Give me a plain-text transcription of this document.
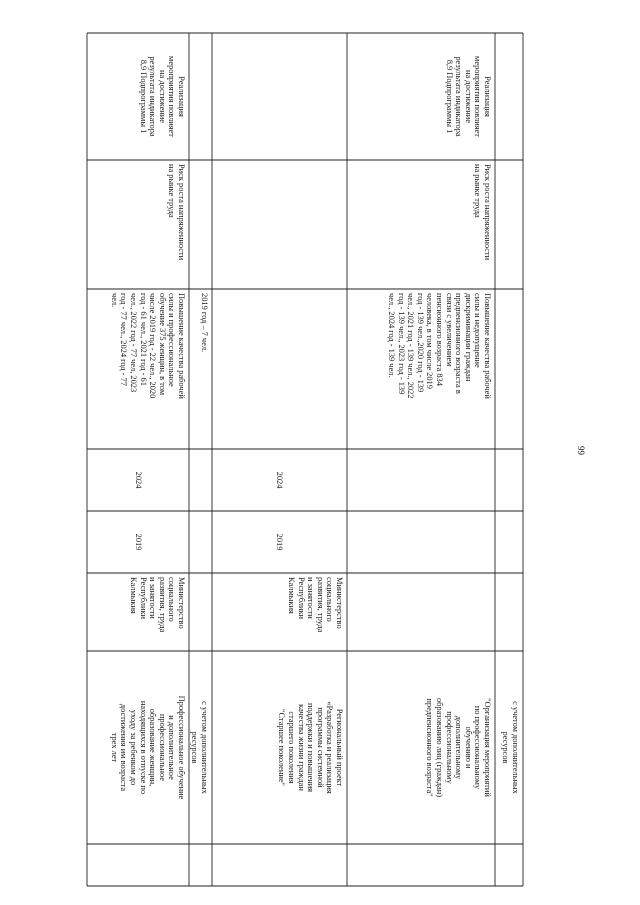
Реализация
мероприятия повлияет
на достижение
результата индикатора
8,9 Подпрограммы 1
Риск роста напряженности
на рынке труда
Повышение качества рабочей
силы и профессиональное
обучение 375 женщин, в том
числе 2019 год - 22 чел., 2020
год - 61 чел., 2021 год - 61
чел., 2022 год - 77 чел, 2023
год - 77 чел., 2024 год - 77
чел.
2024
2019
Министерство
социального
развития, труда
и занятости
Республики
Калмыкия
Профессиональное обучение
и дополнительное
профессиональное
образование женщин,
находящихся в отпуске по
уходу за ребенком до
достижения им возраста
трех лет
2019 год – 7 чел.
с учетом дополнительных
ресурсов
2024
2019
Министерство
социального
развития, труда
и занятости
Республики
Калмыкия
Региональный проект
«Разработка и реализация
программы системной
поддержки и повышения
качества жизни граждан
старшего поколения
"Старшее поколение"
Реализация
мероприятия повлияет
на достижение
результата индикатора
8,9 Подпрограммы 1
Риск роста напряженности
на рынке труда
Повышение качества рабочей
силы и недопущение
дискриминации граждан
предпенсионного возраста в
связи с увеличением
пенсионного возраста 834
человека, в том числе 2019
год - 139 чел.,2020 год - 139
чел., 2021 год - 139 чел., 2022
год - 139 чел., 2023 год - 139
чел., 2024 год - 139 чел.
"Организация мероприятий
по профессиональному
обучению и
дополнительному
профессиональному
образованию лиц (граждан)
предпенсионного возраста"	с учетом дополнительных
ресурсов
99
